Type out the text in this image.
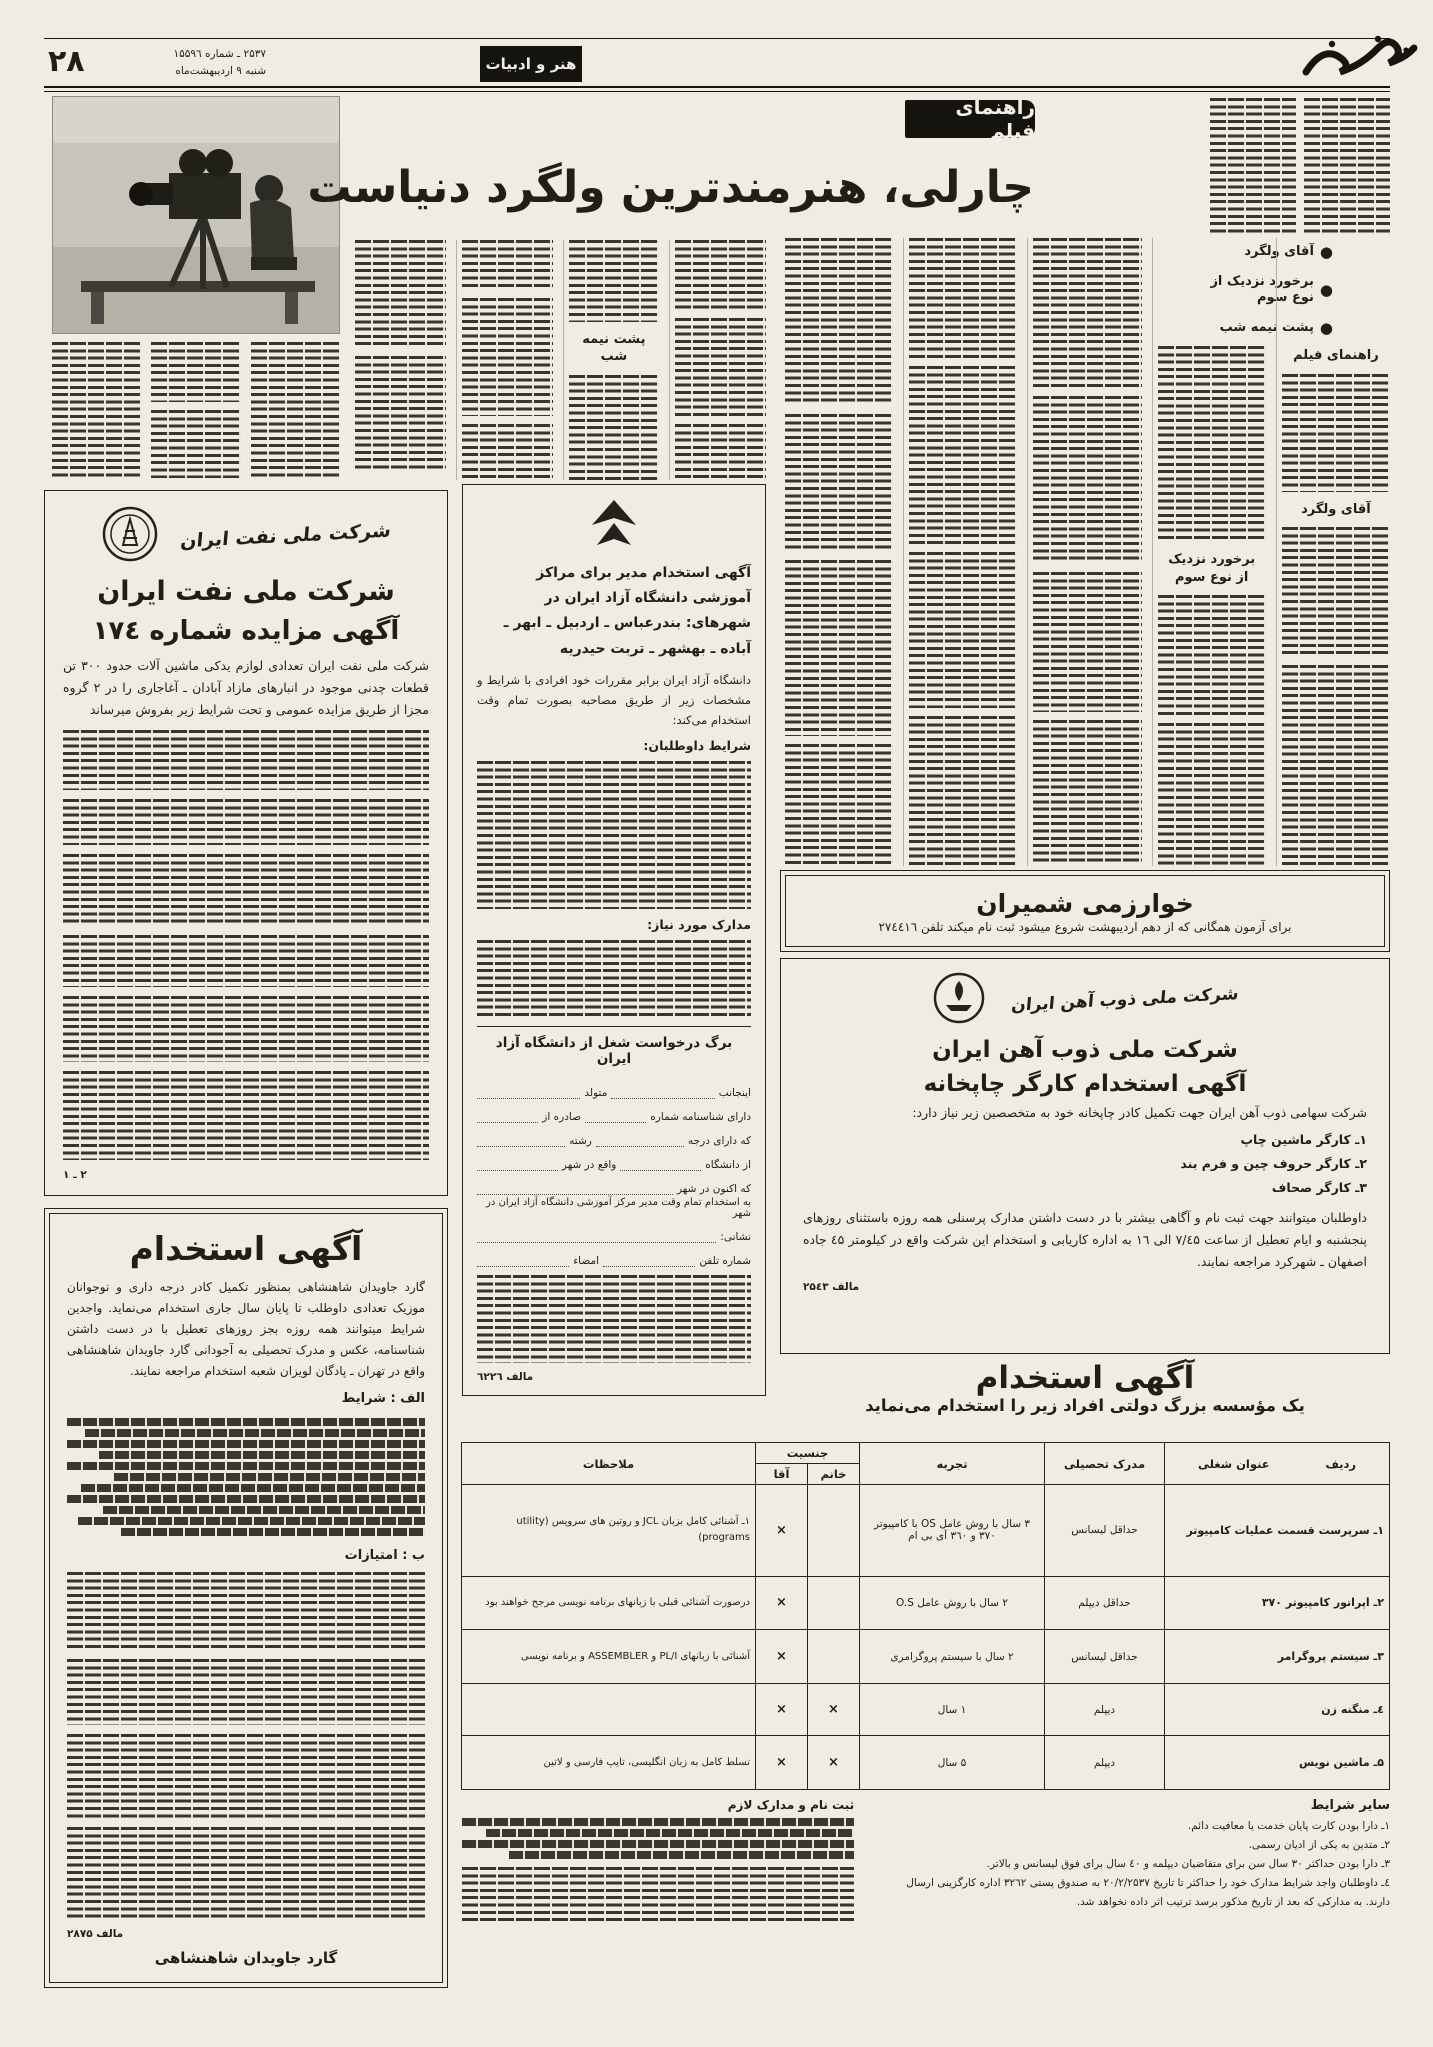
۲۸	۲۵۳۷ ـ شماره ۱۵۵۹٦
شنبه ۹ اردیبهشت‌ماه	هنر و ادبیات
راهنمای فیلم
چارلی، هنرمندترین ولگرد دنیاست
● آقای ولگرد
● برخورد نزدیک از نوع سوم
● پشت نیمه شب
پشت نیمه شب	راهنمای فیلم
آقای ولگرد
برخورد نزدیک
از نوع سوم
شرکت ملی نفت ایران
شرکت ملی نفت ایران
آگهی مزایده شماره ۱۷٤
شرکت ملی نفت ایران تعدادی لوازم یدکی ماشین آلات حدود ۳۰۰ تن قطعات چدنی موجود در انبارهای مازاد آبادان ـ آغاجاری را در ۲ گروه مجزا از طریق مزایده عمومی و تحت شرایط زیر بفروش میرساند
۲ ـ ۱
آگهی استخدام مدیر برای مراکز آموزشی دانشگاه آزاد ایران در شهرهای: بندرعباس ـ اردبیل ـ ابهر ـ آباده ـ بهشهر ـ تربت حیدریه
دانشگاه آزاد ایران برابر مقررات خود افرادی با شرایط و مشخصات زیر از طریق مصاحبه بصورت تمام وقت استخدام می‌کند:
شرایط داوطلبان:
مدارک مورد نیاز:
برگ درخواست شغل از دانشگاه آزاد ایران
اینجانب
متولد
دارای شناسنامه شماره
صادره از
که دارای درجه
رشته
از دانشگاه
واقع در شهر
که اکنون در شهر
به استخدام تمام وقت مدیر مرکز آموزشی دانشگاه آزاد ایران در شهر
نشانی:
شماره تلفن
امضاء
مالف ٦۲۲٦
خوارزمی شمیران
برای آزمون همگانی که از دهم اردیبهشت شروع میشود ثبت نام میکند تلفن ۲۷٤٤١٦
شرکت ملی ذوب آهن ایران
شرکت ملی ذوب آهن ایران
آگهی استخدام کارگر چاپخانه
شرکت سهامی ذوب آهن ایران جهت تکمیل کادر چاپخانه خود به متخصصین زیر نیاز دارد:
۱ـ کارگر ماشین چاپ
۲ـ کارگر حروف چین و فرم بند
۳ـ کارگر صحاف
داوطلبان میتوانند جهت ثبت نام و آگاهی بیشتر با در دست داشتن مدارک پرسنلی همه روزه باستثنای روزهای پنجشنبه و ایام تعطیل از ساعت ۷/٤۵ الی ۱٦ به اداره کاریابی و استخدام این شرکت واقع در کیلومتر ٤۵ جاده اصفهان ـ شهرکرد مراجعه نمایند.
مالف ۲۵٤۳
آگهی استخدام
گارد جاویدان شاهنشاهی بمنظور تکمیل کادر درجه داری و نوجوانان موزیک تعدادی داوطلب تا پایان سال جاری استخدام می‌نماید. واجدین شرایط میتوانند همه روزه بجز روزهای تعطیل با در دست داشتن شناسنامه، عکس و مدرک تحصیلی به آجودانی گارد جاویدان شاهنشاهی واقع در تهران ـ پادگان لویزان شعبه استخدام مراجعه نمایند.
الف : شرایط
ب : امتیازات
مالف ۲۸۷۵
گارد جاویدان شاهنشاهی
آگهی استخدام
یک مؤسسه بزرگ دولتی افراد زیر را استخدام می‌نماید
ردیف
عنوان شغلی	مدرک تحصیلی	تجربه	جنسیت		ملاحظات
			خانم	آقا	
۱ـ سرپرست قسمت عملیات کامپیوتر	حداقل لیسانس	۳ سال با روش عامل OS با کامپیوتر ۳۷۰ و ۳٦۰ آی بی ام		×	۱ـ آشنائی کامل بزبان JCL و روتین های سرویس (utility programs)
۲ـ اپراتور کامپیوتر ۳۷۰	حداقل دیپلم	۲ سال با روش عامل O.S		×	درصورت آشنائی قبلی با زبانهای برنامه نویسی مرجح خواهند بود
۳ـ سیستم پروگرامر	حداقل لیسانس	۲ سال با سیستم پروگرامری		×	آشنائی با زبانهای PL/I و ASSEMBLER و برنامه نویسی
٤ـ منگنه زن	دیپلم	۱ سال	×	×	
۵ـ ماشین نویس	دیپلم	۵ سال	×	×	تسلط کامل به زبان انگلیسی، تایپ فارسی و لاتین
سایر شرایط
۱ـ دارا بودن کارت پایان خدمت یا معافیت دائم.
۲ـ متدین به یکی از ادیان رسمی.
۳ـ دارا بودن حداکثر ۳۰ سال سن برای متقاضیان دیپلمه و ٤۰ سال برای فوق لیسانس و بالاتر.
٤ـ داوطلبان واجد شرایط مدارک خود را حداکثر تا تاریخ ۲۰/۲/۲۵۳۷ به صندوق پستی ۳۲٦۲ اداره کارگزینی ارسال دارند. به مدارکی که بعد از تاریخ مذکور برسد ترتیب اثر داده نخواهد شد.
ثبت نام و مدارک لازم
